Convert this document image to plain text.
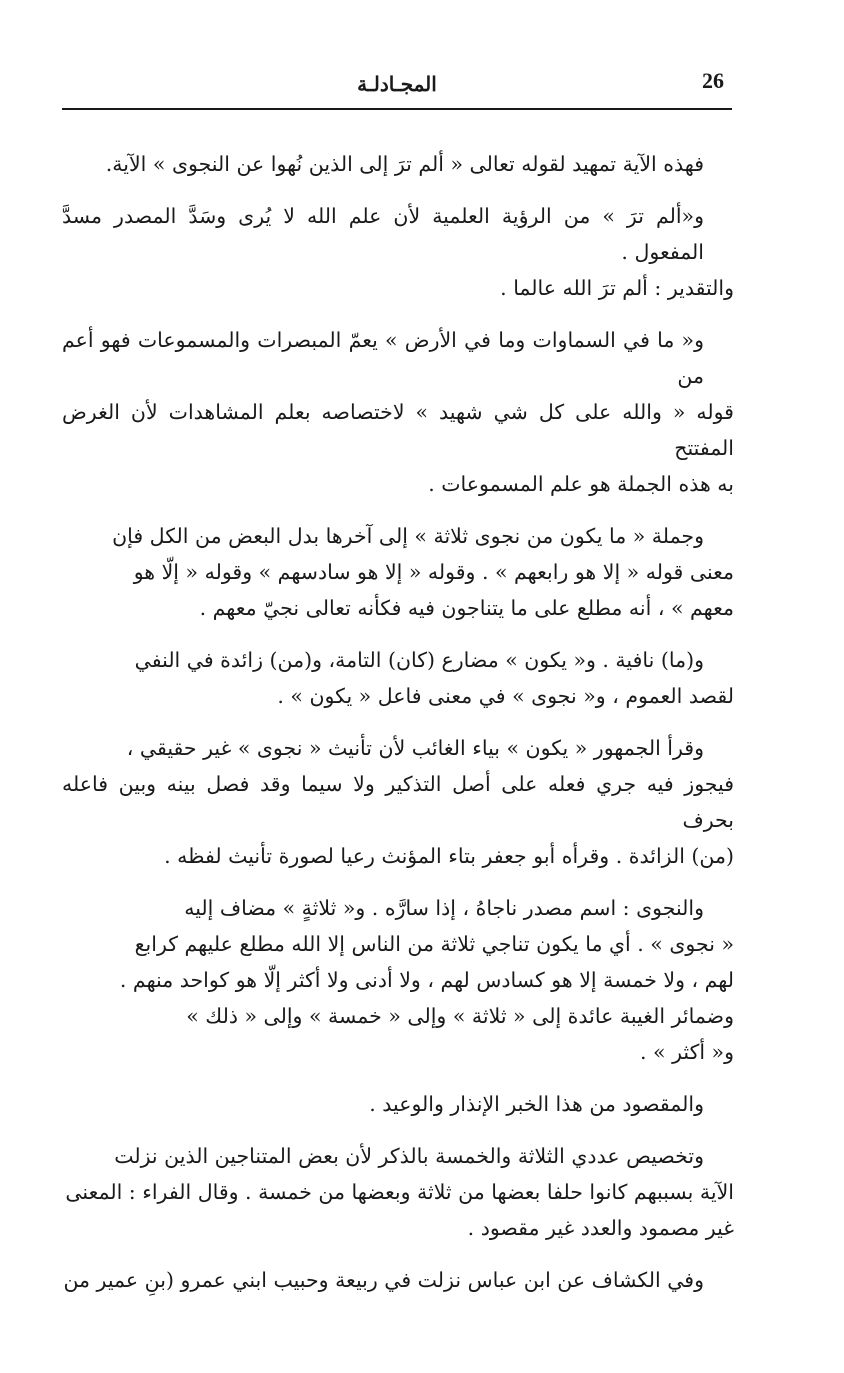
26
المجـادلـة

فهذه الآية تمهيد لقوله تعالى « ألم ترَ إلى الذين نُهوا عن النجوى » الآية.

و«ألم ترَ » من الرؤية العلمية لأن علم الله لا يُرى وسَدَّ المصدر مسدَّ المفعول .
والتقدير : ألم ترَ الله عالما .

و« ما في السماوات وما في الأرض » يعمّ المبصرات والمسموعات فهو أعم من
قوله « والله على كل شي شهيد » لاختصاصه بعلم المشاهدات لأن الغرض المفتتح
به هذه الجملة هو علم المسموعات .

وجملة « ما يكون من نجوى ثلاثة » إلى آخرها بدل البعض من الكل فإن
معنى قوله « إلا هو رابعهم » . وقوله « إلا هو سادسهم » وقوله « إلّا هو
معهم » ، أنه مطلع على ما يتناجون فيه فكأنه تعالى نجيّ معهم .

و(ما) نافية . و« يكون » مضارع (كان) التامة، و(من) زائدة في النفي
لقصد العموم ، و« نجوى » في معنى فاعل « يكون » .

وقرأ الجمهور « يكون » بياء الغائب لأن تأنيث « نجوى » غير حقيقي ،
فيجوز فيه جري فعله على أصل التذكير ولا سيما وقد فصل بينه وبين فاعله بحرف
(من) الزائدة . وقرأه أبو جعفر بتاء المؤنث رعيا لصورة تأنيث لفظه .

والنجوى : اسم مصدر ناجاهُ ، إذا سارَّه . و« ثلاثةٍ » مضاف إليه
« نجوى » . أي ما يكون تناجي ثلاثة من الناس إلا الله مطلع عليهم كرابع
لهم ، ولا خمسة إلا هو كسادس لهم ، ولا أدنى ولا أكثر إلّا هو كواحد منهم .
وضمائر الغيبة عائدة إلى « ثلاثة » وإلى « خمسة » وإلى « ذلك »
و« أكثر » .

والمقصود من هذا الخبر الإنذار والوعيد .

وتخصيص عددي الثلاثة والخمسة بالذكر لأن بعض المتناجين الذين نزلت
الآية بسببهم كانوا حلفا بعضها من ثلاثة وبعضها من خمسة . وقال الفراء : المعنى
غير مصمود والعدد غير مقصود .

وفي الكشاف عن ابن عباس نزلت في ربيعة وحبيب ابني عمرو (بنِ عمير من
